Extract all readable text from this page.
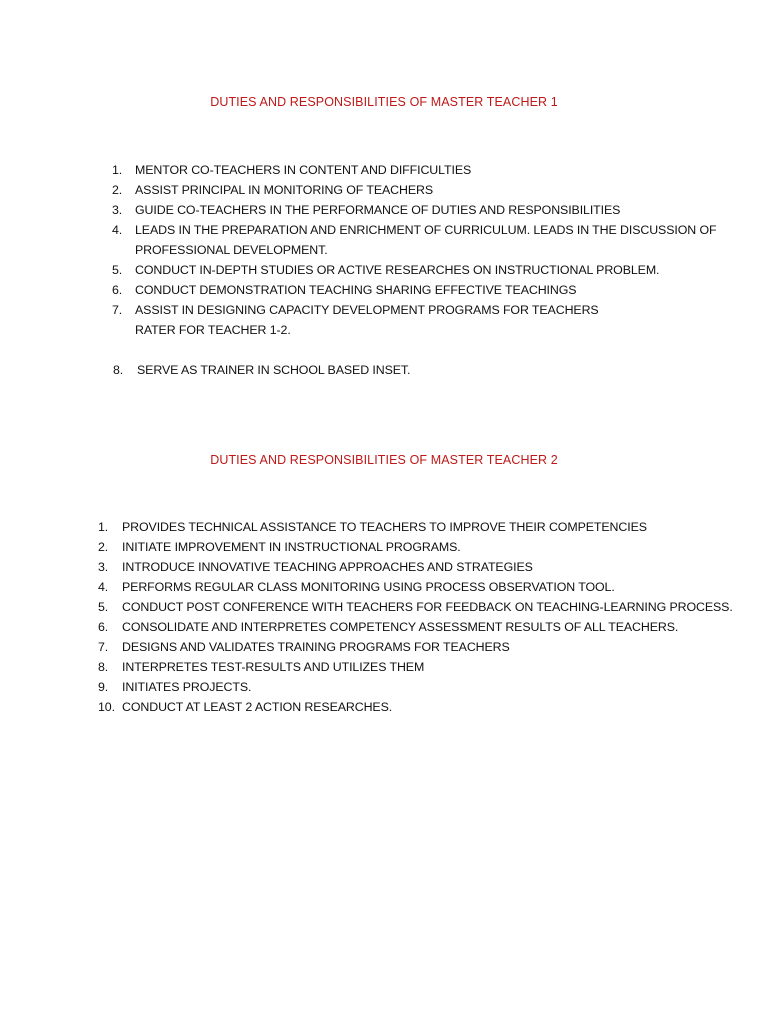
DUTIES AND RESPONSIBILITIES OF MASTER TEACHER 1
1. MENTOR CO-TEACHERS IN CONTENT AND DIFFICULTIES
2. ASSIST PRINCIPAL IN MONITORING OF TEACHERS
3. GUIDE CO-TEACHERS IN THE PERFORMANCE OF DUTIES AND RESPONSIBILITIES
4. LEADS IN THE PREPARATION AND ENRICHMENT OF CURRICULUM. LEADS IN THE DISCUSSION OF
PROFESSIONAL DEVELOPMENT.
5. CONDUCT IN-DEPTH STUDIES OR ACTIVE RESEARCHES ON INSTRUCTIONAL PROBLEM.
6. CONDUCT DEMONSTRATION TEACHING SHARING EFFECTIVE TEACHINGS
7. ASSIST IN DESIGNING CAPACITY DEVELOPMENT PROGRAMS FOR TEACHERS
RATER FOR TEACHER 1-2.
8. SERVE AS TRAINER IN SCHOOL BASED INSET.
DUTIES AND RESPONSIBILITIES OF MASTER TEACHER 2
1. PROVIDES TECHNICAL ASSISTANCE TO TEACHERS TO IMPROVE THEIR COMPETENCIES
2. INITIATE IMPROVEMENT IN INSTRUCTIONAL PROGRAMS.
3. INTRODUCE INNOVATIVE TEACHING APPROACHES AND STRATEGIES
4. PERFORMS REGULAR CLASS MONITORING USING PROCESS OBSERVATION TOOL.
5. CONDUCT POST CONFERENCE WITH TEACHERS FOR FEEDBACK ON TEACHING-LEARNING PROCESS.
6. CONSOLIDATE AND INTERPRETES COMPETENCY ASSESSMENT RESULTS OF ALL TEACHERS.
7. DESIGNS AND VALIDATES TRAINING PROGRAMS FOR TEACHERS
8. INTERPRETES TEST-RESULTS AND UTILIZES THEM
9. INITIATES PROJECTS.
10. CONDUCT AT LEAST 2 ACTION RESEARCHES.
